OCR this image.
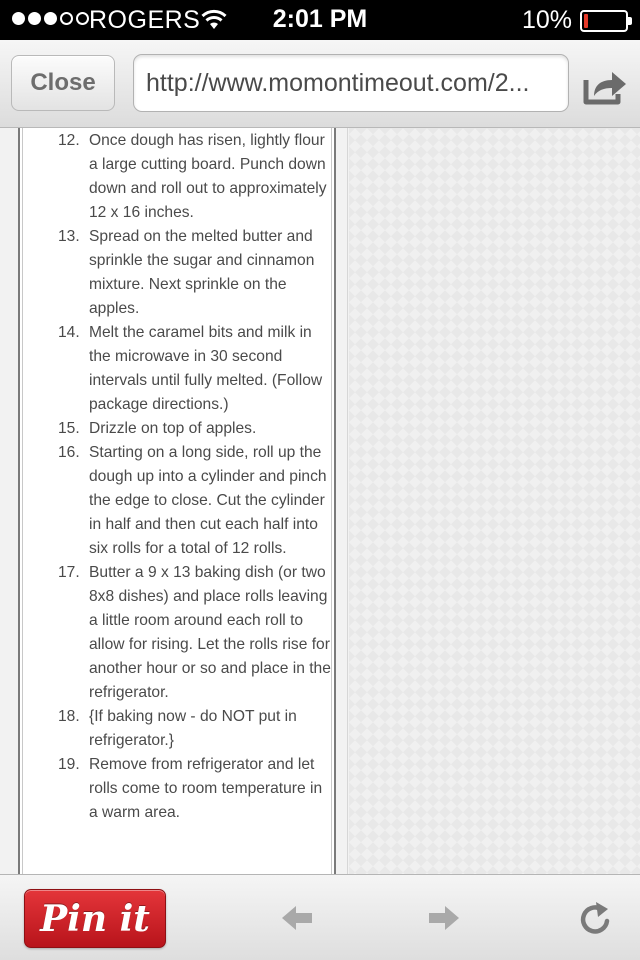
ROGERS	2:01 PM	10%
Close	http://www.momontimeout.com/2...
12. Once dough has risen, lightly flour a large cutting board. Punch down down and roll out to approximately 12 x 16 inches.
13. Spread on the melted butter and sprinkle the sugar and cinnamon mixture. Next sprinkle on the apples.
14. Melt the caramel bits and milk in the microwave in 30 second intervals until fully melted. (Follow package directions.)
15. Drizzle on top of apples.
16. Starting on a long side, roll up the dough up into a cylinder and pinch the edge to close. Cut the cylinder in half and then cut each half into six rolls for a total of 12 rolls.
17. Butter a 9 x 13 baking dish (or two 8x8 dishes) and place rolls leaving a little room around each roll to allow for rising. Let the rolls rise for another hour or so and place in the refrigerator.
18. {If baking now - do NOT put in refrigerator.}
19. Remove from refrigerator and let rolls come to room temperature in a warm area.
Pin it
